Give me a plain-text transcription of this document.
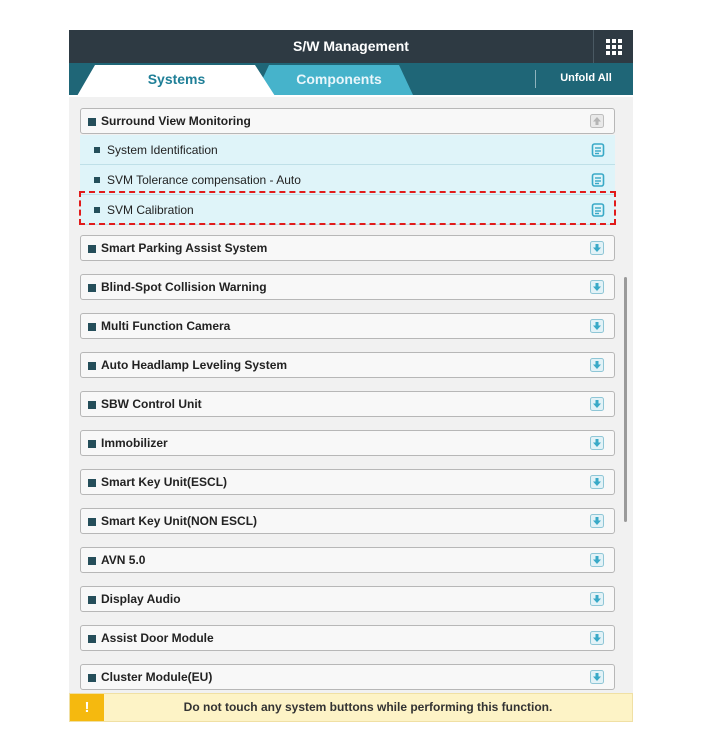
S/W Management
Systems	Components	Unfold All
Surround View Monitoring
System Identification
SVM Tolerance compensation - Auto
SVM Calibration
Smart Parking Assist System
Blind-Spot Collision Warning
Multi Function Camera
Auto Headlamp Leveling System
SBW Control Unit
Immobilizer
Smart Key Unit(ESCL)
Smart Key Unit(NON ESCL)
AVN 5.0
Display Audio
Assist Door Module
Cluster Module(EU)
!	Do not touch any system buttons while performing this function.
